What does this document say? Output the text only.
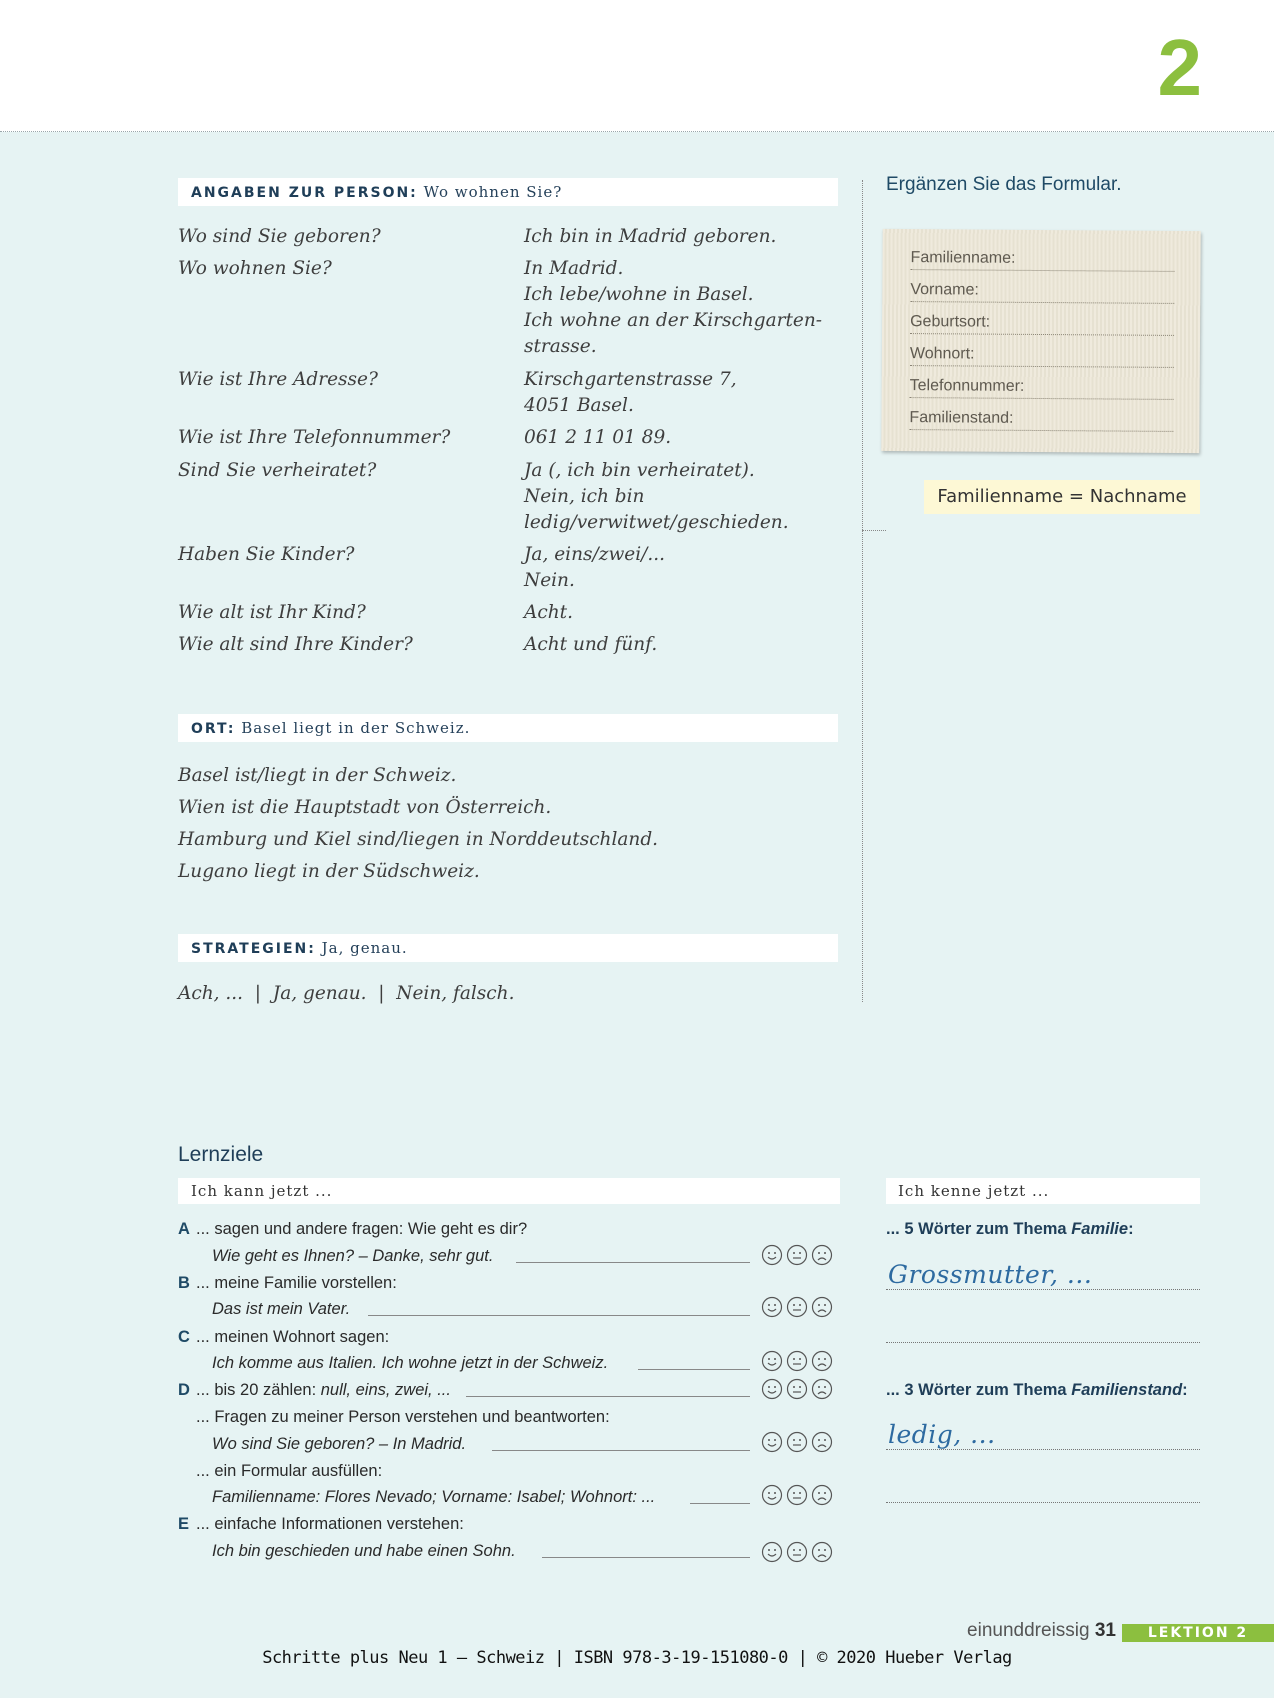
2
ANGABEN ZUR PERSON: Wo wohnen Sie?
Wo sind Sie geboren?	Ich bin in Madrid geboren.
Wo wohnen Sie?	In Madrid.
Ich lebe/wohne in Basel.
Ich wohne an der Kirschgarten-
strasse.
Wie ist Ihre Adresse?	Kirschgartenstrasse 7,
4051 Basel.
Wie ist Ihre Telefonnummer?	061 2 11 01 89.
Sind Sie verheiratet?	Ja (, ich bin verheiratet).
Nein, ich bin
ledig/verwitwet/geschieden.
Haben Sie Kinder?	Ja, eins/zwei/...
Nein.
Wie alt ist Ihr Kind?	Acht.
Wie alt sind Ihre Kinder?	Acht und fünf.
ORT: Basel liegt in der Schweiz.
Basel ist/liegt in der Schweiz.
Wien ist die Hauptstadt von Österreich.
Hamburg und Kiel sind/liegen in Norddeutschland.
Lugano liegt in der Südschweiz.
STRATEGIEN: Ja, genau.
Ach, ...  |  Ja, genau.  |  Nein, falsch.
Ergänzen Sie das Formular.
Familienname:
Vorname:
Geburtsort:
Wohnort:
Telefonnummer:
Familienstand:
Familienname = Nachname
Lernziele
Ich kann jetzt ...	Ich kenne jetzt ...
A ... sagen und andere fragen: Wie geht es dir?
Wie geht es Ihnen? – Danke, sehr gut.
B ... meine Familie vorstellen:
Das ist mein Vater.
C ... meinen Wohnort sagen:
Ich komme aus Italien. Ich wohne jetzt in der Schweiz.
D ... bis 20 zählen: null, eins, zwei, ...
... Fragen zu meiner Person verstehen und beantworten:
Wo sind Sie geboren? – In Madrid.
... ein Formular ausfüllen:
Familienname: Flores Nevado; Vorname: Isabel; Wohnort: ...
E ... einfache Informationen verstehen:
Ich bin geschieden und habe einen Sohn.
... 5 Wörter zum Thema Familie:
Grossmutter, ...
... 3 Wörter zum Thema Familienstand:
ledig, ...
einunddreissig 31	LEKTION 2
Schritte plus Neu 1 – Schweiz | ISBN 978-3-19-151080-0 | © 2020 Hueber Verlag
